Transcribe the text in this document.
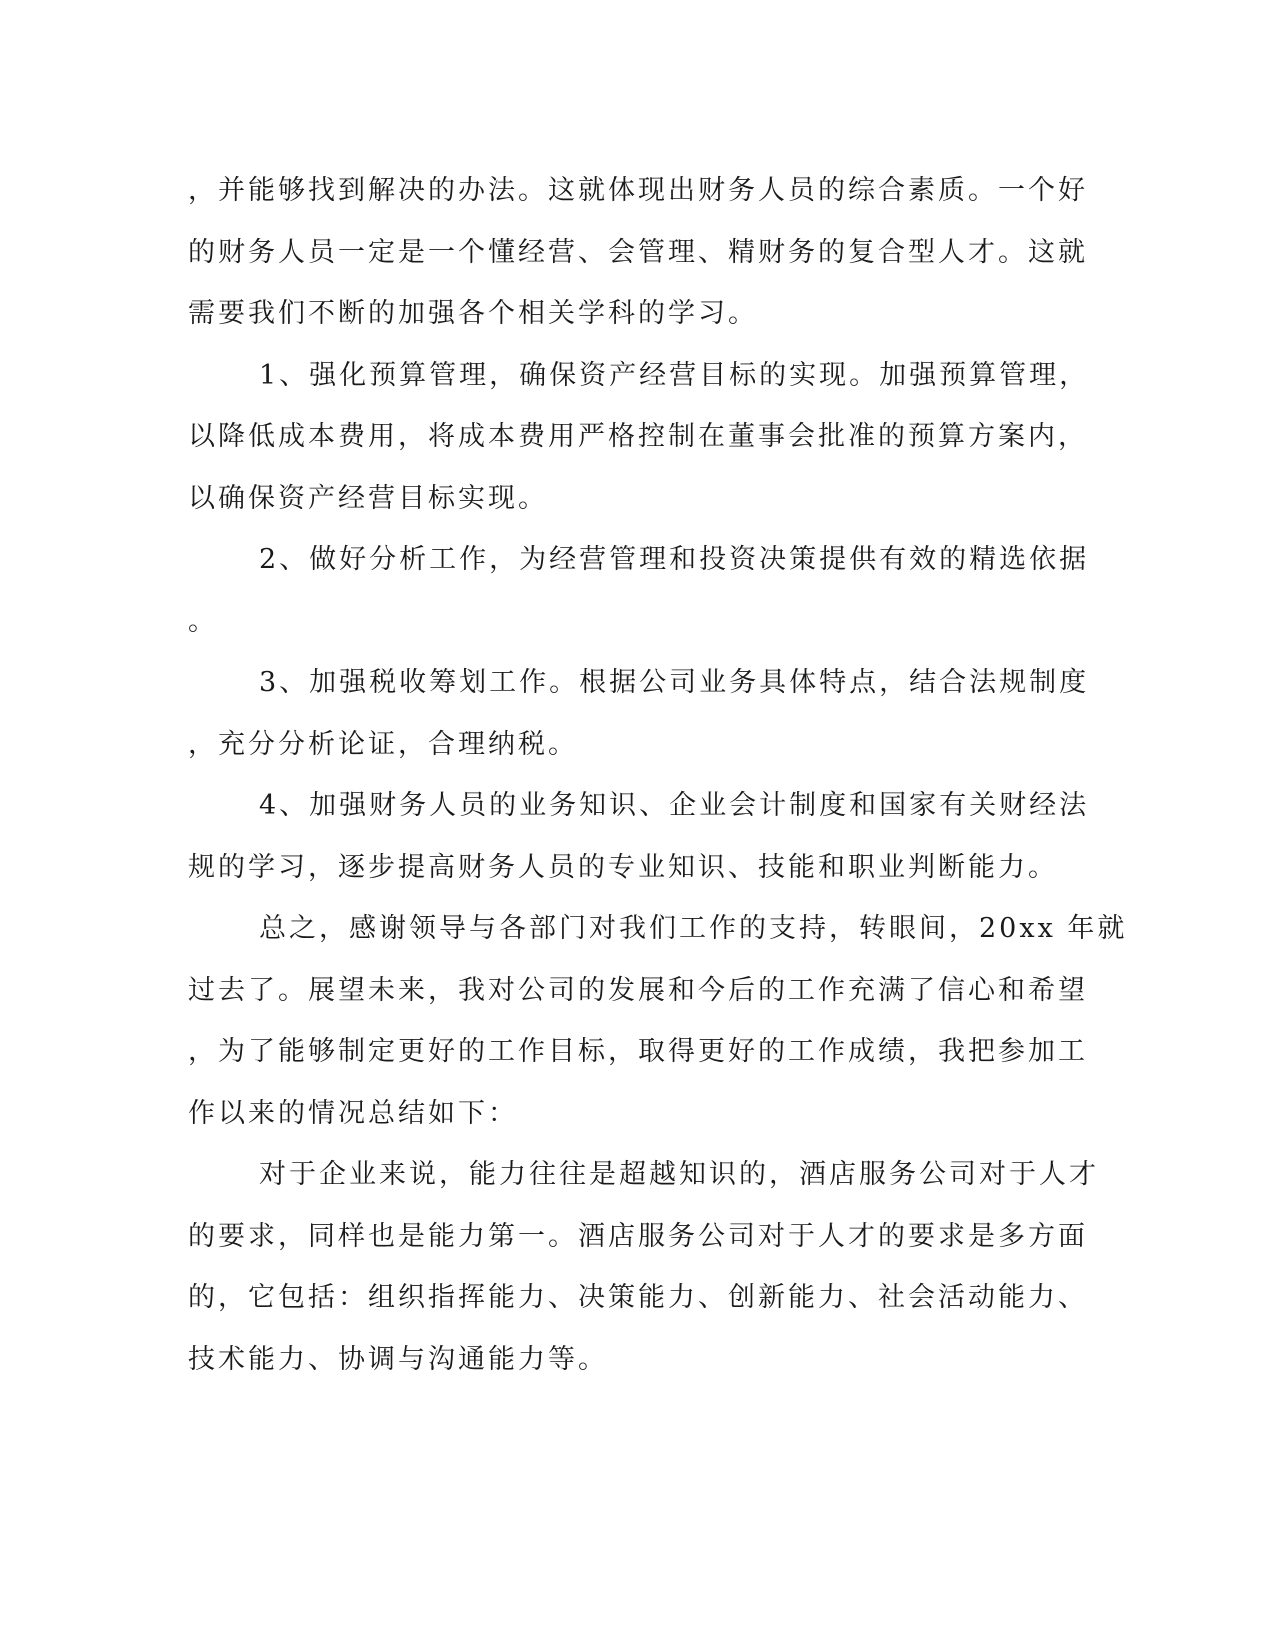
，并能够找到解决的办法。这就体现出财务人员的综合素质。一个好
的财务人员一定是一个懂经营、会管理、精财务的复合型人才。这就
需要我们不断的加强各个相关学科的学习。
1、强化预算管理，确保资产经营目标的实现。加强预算管理，
以降低成本费用，将成本费用严格控制在董事会批准的预算方案内，
以确保资产经营目标实现。
2、做好分析工作，为经营管理和投资决策提供有效的精选依据
。
3、加强税收筹划工作。根据公司业务具体特点，结合法规制度
，充分分析论证，合理纳税。
4、加强财务人员的业务知识、企业会计制度和国家有关财经法
规的学习，逐步提高财务人员的专业知识、技能和职业判断能力。
总之，感谢领导与各部门对我们工作的支持，转眼间，20xx 年就
过去了。展望未来，我对公司的发展和今后的工作充满了信心和希望
，为了能够制定更好的工作目标，取得更好的工作成绩，我把参加工
作以来的情况总结如下：
对于企业来说，能力往往是超越知识的，酒店服务公司对于人才
的要求，同样也是能力第一。酒店服务公司对于人才的要求是多方面
的，它包括：组织指挥能力、决策能力、创新能力、社会活动能力、
技术能力、协调与沟通能力等。
